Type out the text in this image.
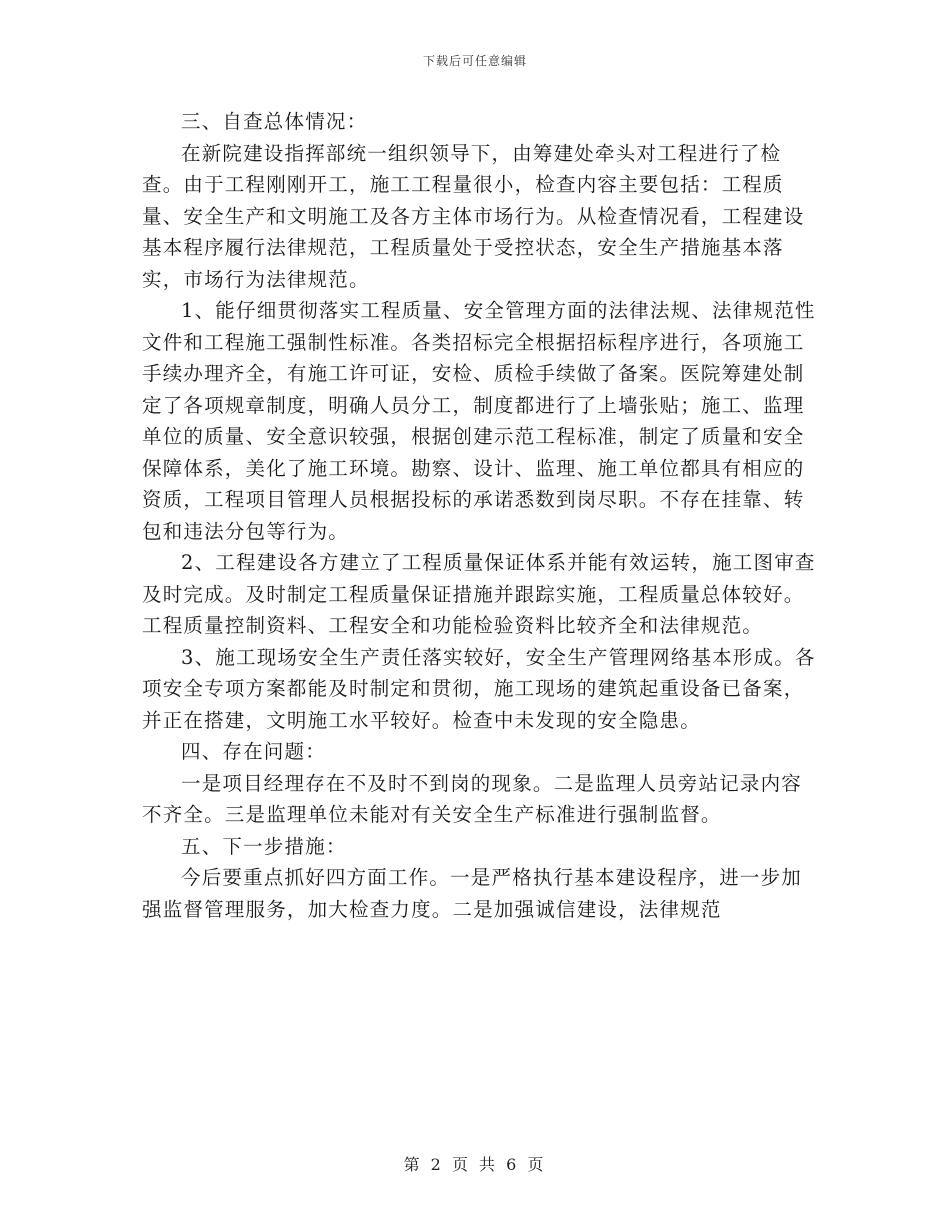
下载后可任意编辑

三、自查总体情况：

在新院建设指挥部统一组织领导下，由筹建处牵头对工程进行了检查。由于工程刚刚开工，施工工程量很小，检查内容主要包括：工程质量、安全生产和文明施工及各方主体市场行为。从检查情况看，工程建设基本程序履行法律规范，工程质量处于受控状态，安全生产措施基本落实，市场行为法律规范。

1、能仔细贯彻落实工程质量、安全管理方面的法律法规、法律规范性文件和工程施工强制性标准。各类招标完全根据招标程序进行，各项施工手续办理齐全，有施工许可证，安检、质检手续做了备案。医院筹建处制定了各项规章制度，明确人员分工，制度都进行了上墙张贴；施工、监理单位的质量、安全意识较强，根据创建示范工程标准，制定了质量和安全保障体系，美化了施工环境。勘察、设计、监理、施工单位都具有相应的资质，工程项目管理人员根据投标的承诺悉数到岗尽职。不存在挂靠、转包和违法分包等行为。

2、工程建设各方建立了工程质量保证体系并能有效运转，施工图审查及时完成。及时制定工程质量保证措施并跟踪实施，工程质量总体较好。工程质量控制资料、工程安全和功能检验资料比较齐全和法律规范。

3、施工现场安全生产责任落实较好，安全生产管理网络基本形成。各项安全专项方案都能及时制定和贯彻，施工现场的建筑起重设备已备案，并正在搭建，文明施工水平较好。检查中未发现的安全隐患。

四、存在问题：

一是项目经理存在不及时不到岗的现象。二是监理人员旁站记录内容不齐全。三是监理单位未能对有关安全生产标准进行强制监督。

五、下一步措施：

今后要重点抓好四方面工作。一是严格执行基本建设程序，进一步加强监督管理服务，加大检查力度。二是加强诚信建设，法律规范

第 2 页 共 6 页
